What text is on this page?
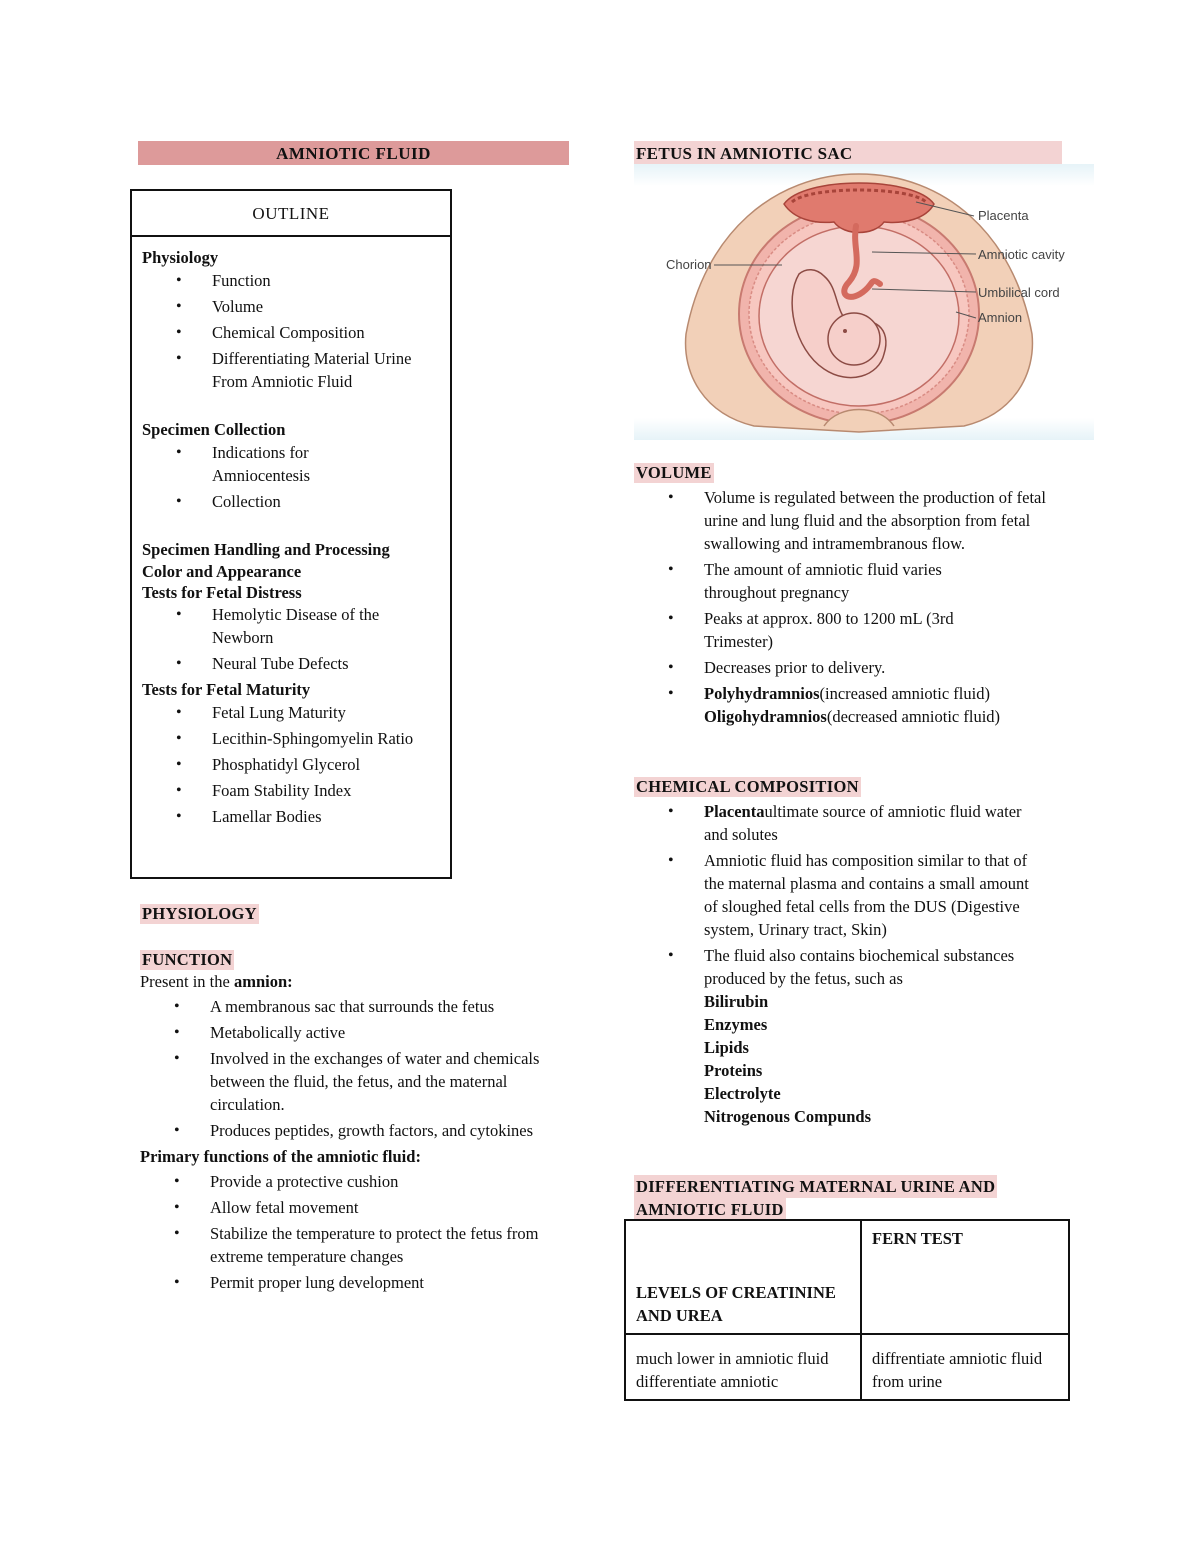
AMNIOTIC FLUID
OUTLINE
Physiology
• Function
• Volume
• Chemical Composition
• Differentiating Material Urine From Amniotic Fluid
Specimen Collection
• Indications for Amniocentesis
• Collection
Specimen Handling and Processing
Color and Appearance
Tests for Fetal Distress
• Hemolytic Disease of the Newborn
• Neural Tube Defects
Tests for Fetal Maturity
• Fetal Lung Maturity
• Lecithin-Sphingomyelin Ratio
• Phosphatidyl Glycerol
• Foam Stability Index
• Lamellar Bodies
PHYSIOLOGY
FUNCTION
Present in the amnion:
• A membranous sac that surrounds the fetus
• Metabolically active
• Involved in the exchanges of water and chemicals between the fluid, the fetus, and the maternal circulation.
• Produces peptides, growth factors, and cytokines
Primary functions of the amniotic fluid:
• Provide a protective cushion
• Allow fetal movement
• Stabilize the temperature to protect the fetus from extreme temperature changes
• Permit proper lung development
FETUS IN AMNIOTIC SAC
Placenta
Amniotic cavity
Chorion
Umbilical cord
Amnion
VOLUME
• Volume is regulated between the production of fetal urine and lung fluid and the absorption from fetal swallowing and intramembranous flow.
• The amount of amniotic fluid varies throughout pregnancy
• Peaks at approx. 800 to 1200 mL (3rd Trimester)
• Decreases prior to delivery.
• Polyhydramnios(increased amniotic fluid)
Oligohydramnios(decreased amniotic fluid)
CHEMICAL COMPOSITION
• Placentaultimate source of amniotic fluid water and solutes
• Amniotic fluid has composition similar to that of the maternal plasma and contains a small amount of sloughed fetal cells from the DUS (Digestive system, Urinary tract, Skin)
• The fluid also contains biochemical substances produced by the fetus, such as
Bilirubin
Enzymes
Lipids
Proteins
Electrolyte
Nitrogenous Compunds
DIFFERENTIATING MATERNAL URINE AND
AMNIOTIC FLUID
LEVELS OF CREATININE AND UREA	FERN TEST
much lower in amniotic fluid differentiate amniotic	diffrentiate amniotic fluid from urine
